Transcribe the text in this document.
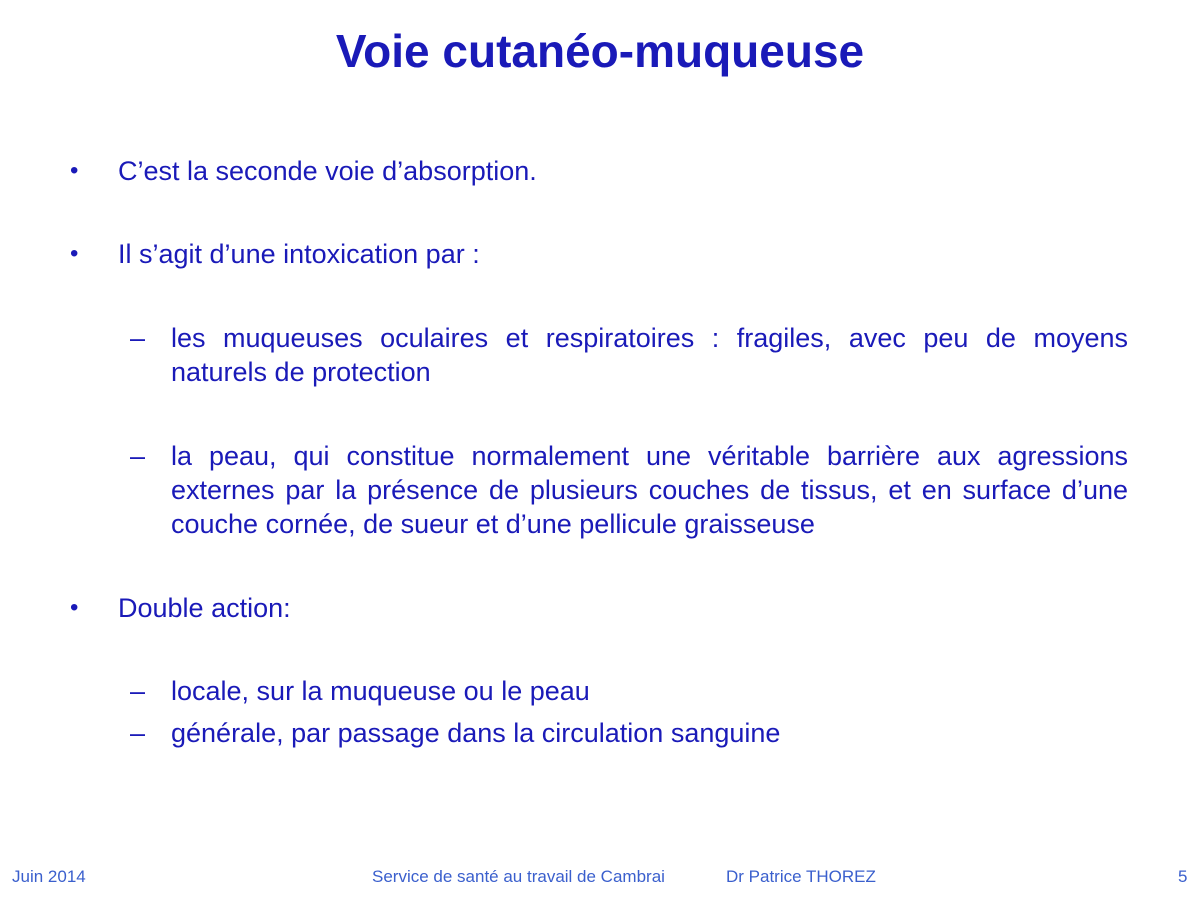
Voie cutanéo-muqueuse
•	C’est la seconde voie d’absorption.
•	Il s’agit d’une intoxication par :
– les muqueuses oculaires et respiratoires : fragiles, avec peu de moyens naturels de protection
– la peau, qui constitue normalement une véritable barrière aux agressions externes par la présence de plusieurs couches de tissus, et en surface d’une couche cornée, de sueur et d’une pellicule graisseuse
•	Double action:
– locale, sur la muqueuse ou le peau
– générale, par passage dans la circulation sanguine
Juin 2014	Service de santé au travail de Cambrai	Dr Patrice THOREZ	5
